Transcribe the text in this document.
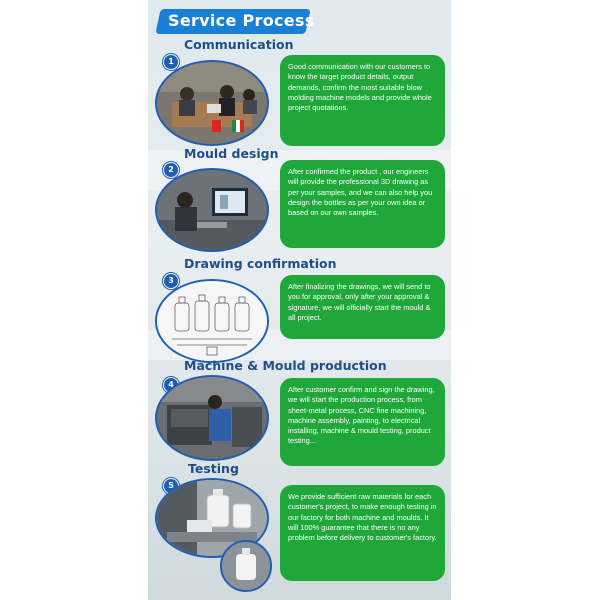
Service Process
Communication
1
Mould design
2
Drawing confirmation
3
Machine & Mould production
4
Testing
5
Good communication with our customers to know the target product details, output demands, confirm the most suitable blow molding machine models and provide whole project quotations.
After confirmed the product , our engineers will provide the professional 3D drawing as per your samples, and we can also help you design the bottles as per your own idea or based on our own samples.
After finalizing the drawings, we will send to you for approval, only after your approval & signature, we will officially start the mould & all project.
After customer confirm and sign the drawing, we will start the production process, from sheet-metal process, CNC fine machining, machine assembly, painting, to electrical installing, machine & mould testing, product testing...
We provide sufficient raw materials for each customer's project, to make enough testing in our factory for both machine and moulds. It will 100% guarantee that there is no any problem before delivery to customer's factory.
